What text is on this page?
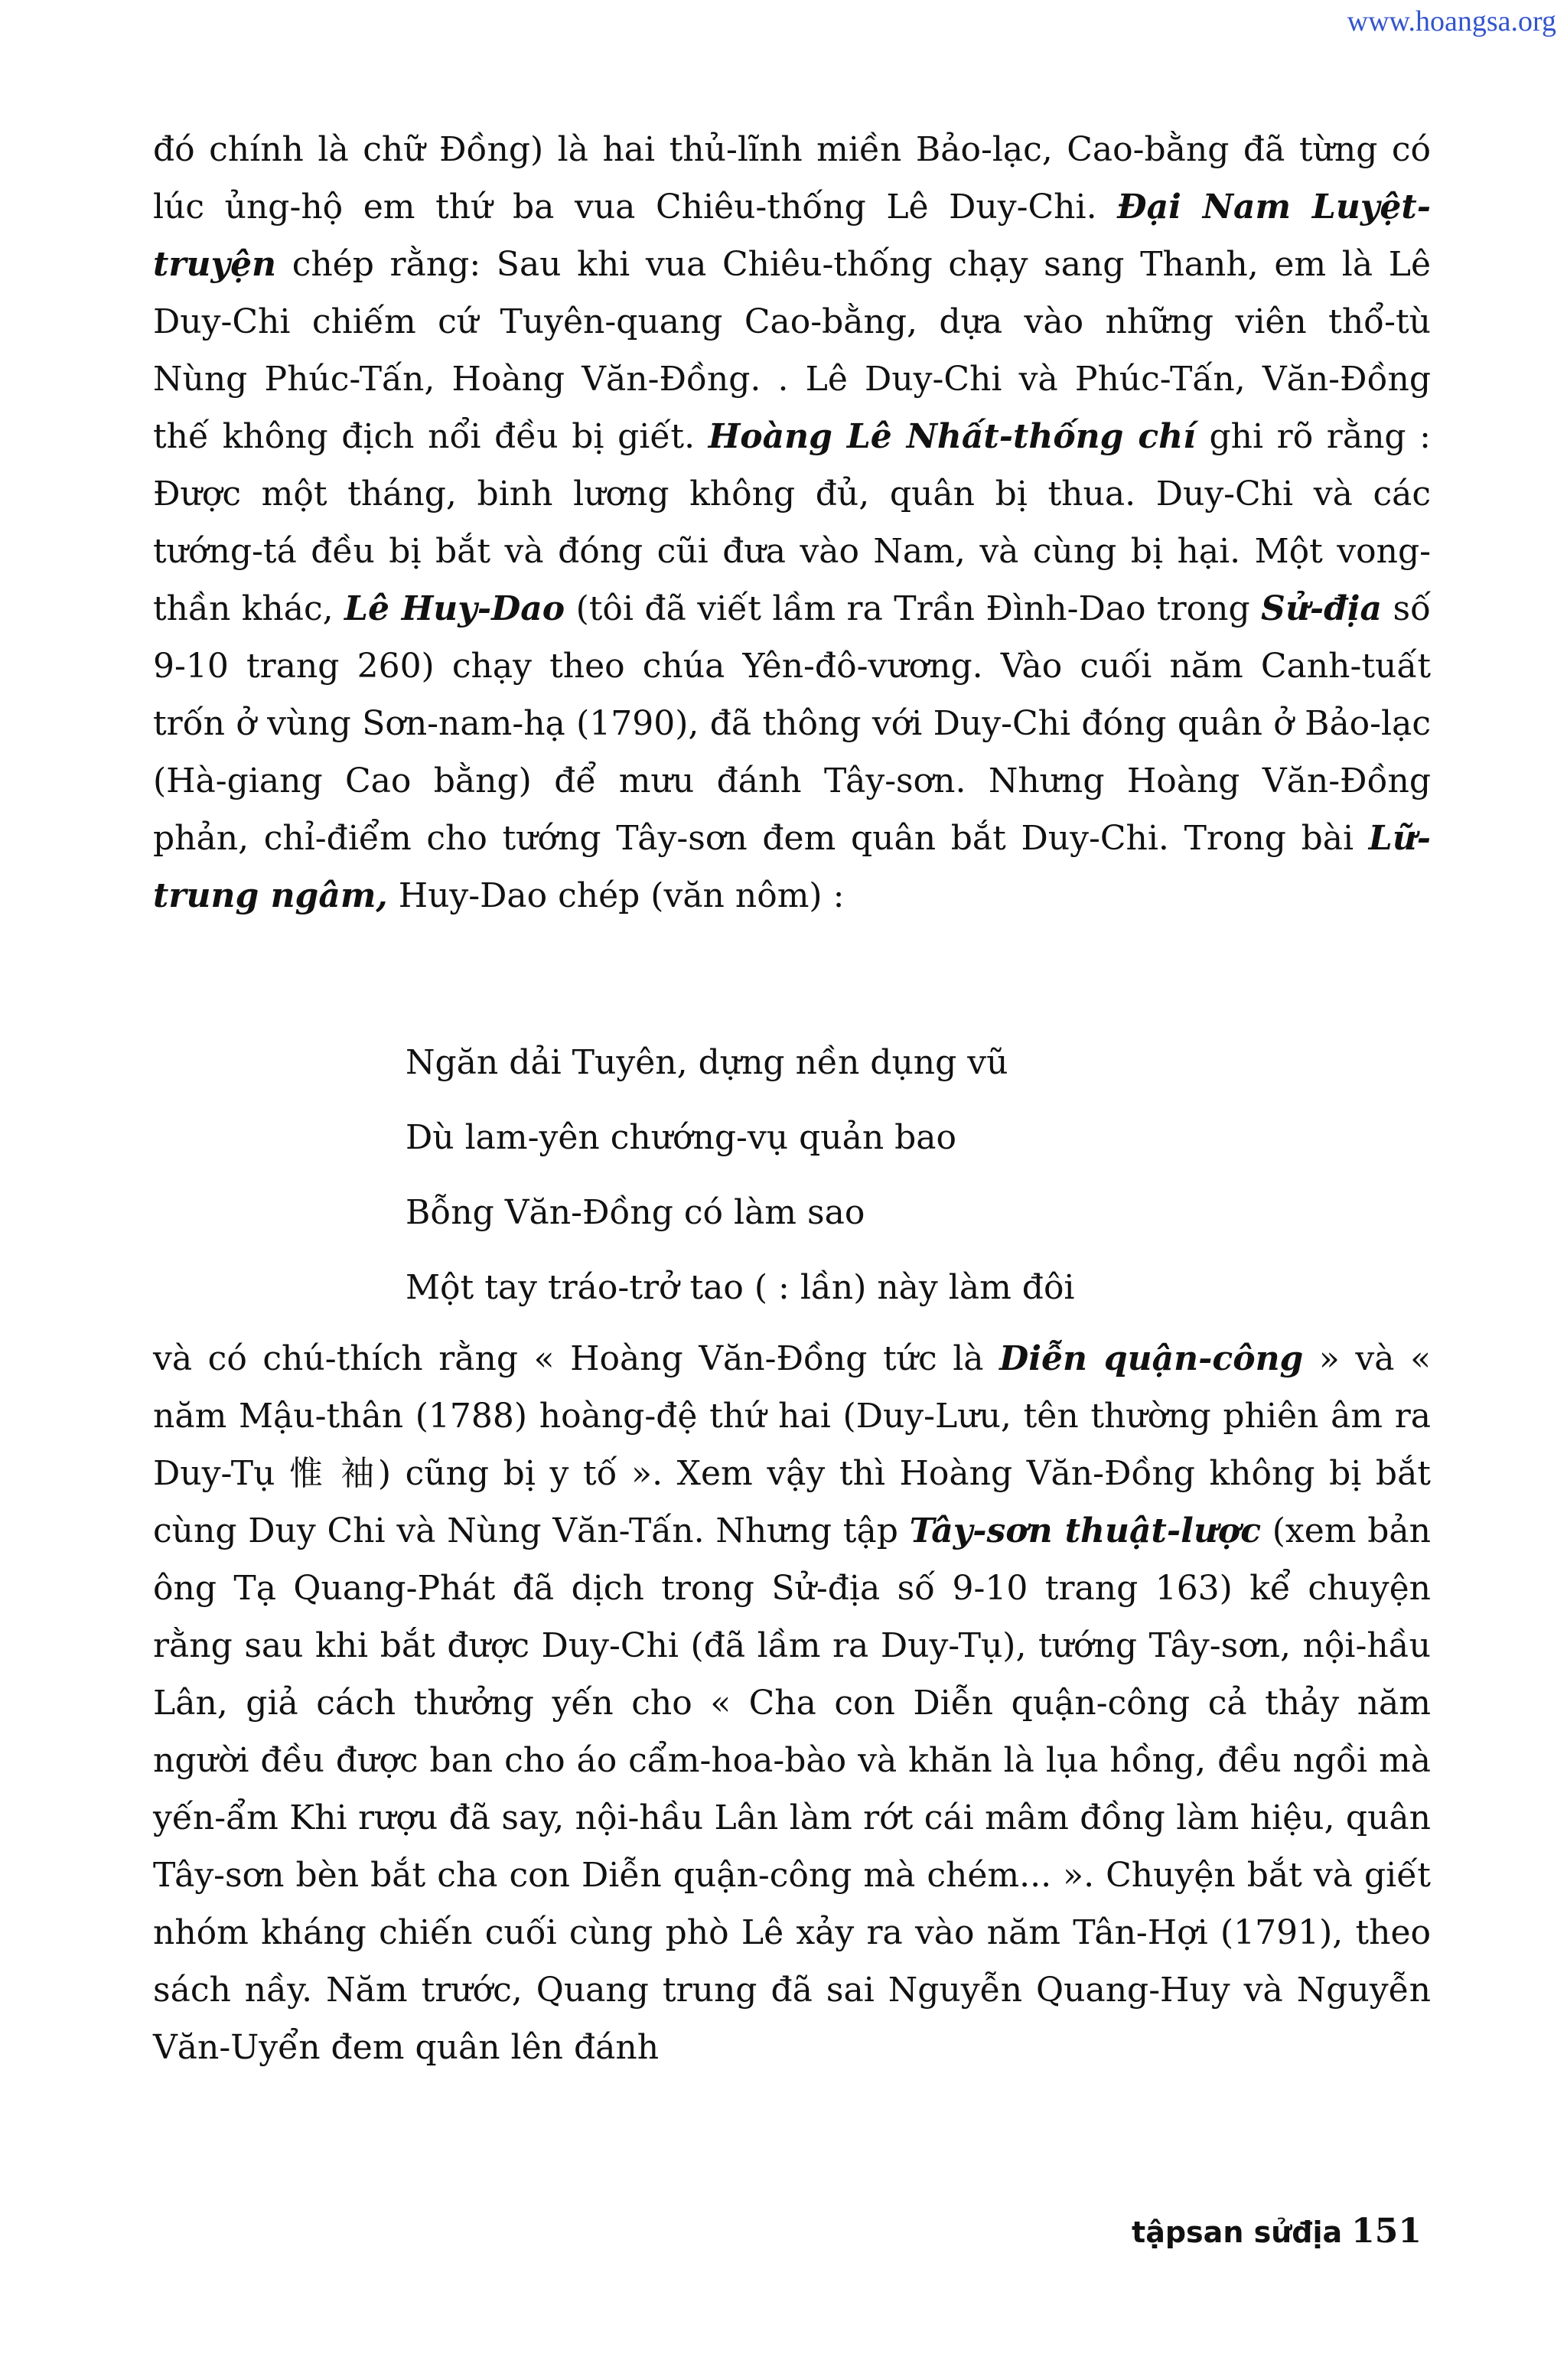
www.hoangsa.org

đó chính là chữ Đồng) là hai thủ-lĩnh miền Bảo-lạc, Cao-bằng đã từng có lúc ủng-hộ em thứ ba vua Chiêu-thống Lê Duy-Chi. Đại Nam Luyệt-truyện chép rằng: Sau khi vua Chiêu-thống chạy sang Thanh, em là Lê Duy-Chi chiếm cứ Tuyên-quang Cao-bằng, dựa vào những viên thổ-tù Nùng Phúc-Tấn, Hoàng Văn-Đồng. . Lê Duy-Chi và Phúc-Tấn, Văn-Đồng thế không địch nổi đều bị giết. Hoàng Lê Nhất-thống chí ghi rõ rằng : Được một tháng, binh lương không đủ, quân bị thua. Duy-Chi và các tướng-tá đều bị bắt và đóng cũi đưa vào Nam, và cùng bị hại. Một vong-thần khác, Lê Huy-Dao (tôi đã viết lầm ra Trần Đình-Dao trong Sử-địa số 9-10 trang 260) chạy theo chúa Yên-đô-vương. Vào cuối năm Canh-tuất trốn ở vùng Sơn-nam-hạ (1790), đã thông với Duy-Chi đóng quân ở Bảo-lạc (Hà-giang Cao bằng) để mưu đánh Tây-sơn. Nhưng Hoàng Văn-Đồng phản, chỉ-điểm cho tướng Tây-sơn đem quân bắt Duy-Chi. Trong bài Lữ-trung ngâm, Huy-Dao chép (văn nôm) :

Ngăn dải Tuyên, dựng nền dụng vũ
Dù lam-yên chướng-vụ quản bao
Bỗng Văn-Đồng có làm sao
Một tay tráo-trở tao ( : lần) này làm đôi

và có chú-thích rằng « Hoàng Văn-Đồng tức là Diễn quận-công » và « năm Mậu-thân (1788) hoàng-đệ thứ hai (Duy-Lưu, tên thường phiên âm ra Duy-Tụ 惟 袖) cũng bị y tố ». Xem vậy thì Hoàng Văn-Đồng không bị bắt cùng Duy Chi và Nùng Văn-Tấn. Nhưng tập Tây-sơn thuật-lược (xem bản ông Tạ Quang-Phát đã dịch trong Sử-địa số 9-10 trang 163) kể chuyện rằng sau khi bắt được Duy-Chi (đã lầm ra Duy-Tụ), tướng Tây-sơn, nội-hầu Lân, giả cách thưởng yến cho « Cha con Diễn quận-công cả thảy năm người đều được ban cho áo cẩm-hoa-bào và khăn là lụa hồng, đều ngồi mà yến-ẩm Khi rượu đã say, nội-hầu Lân làm rớt cái mâm đồng làm hiệu, quân Tây-sơn bèn bắt cha con Diễn quận-công mà chém... ». Chuyện bắt và giết nhóm kháng chiến cuối cùng phò Lê xảy ra vào năm Tân-Hợi (1791), theo sách nầy. Năm trước, Quang trung đã sai Nguyễn Quang-Huy và Nguyễn Văn-Uyển đem quân lên đánh

tậpsan sửđịa 151
